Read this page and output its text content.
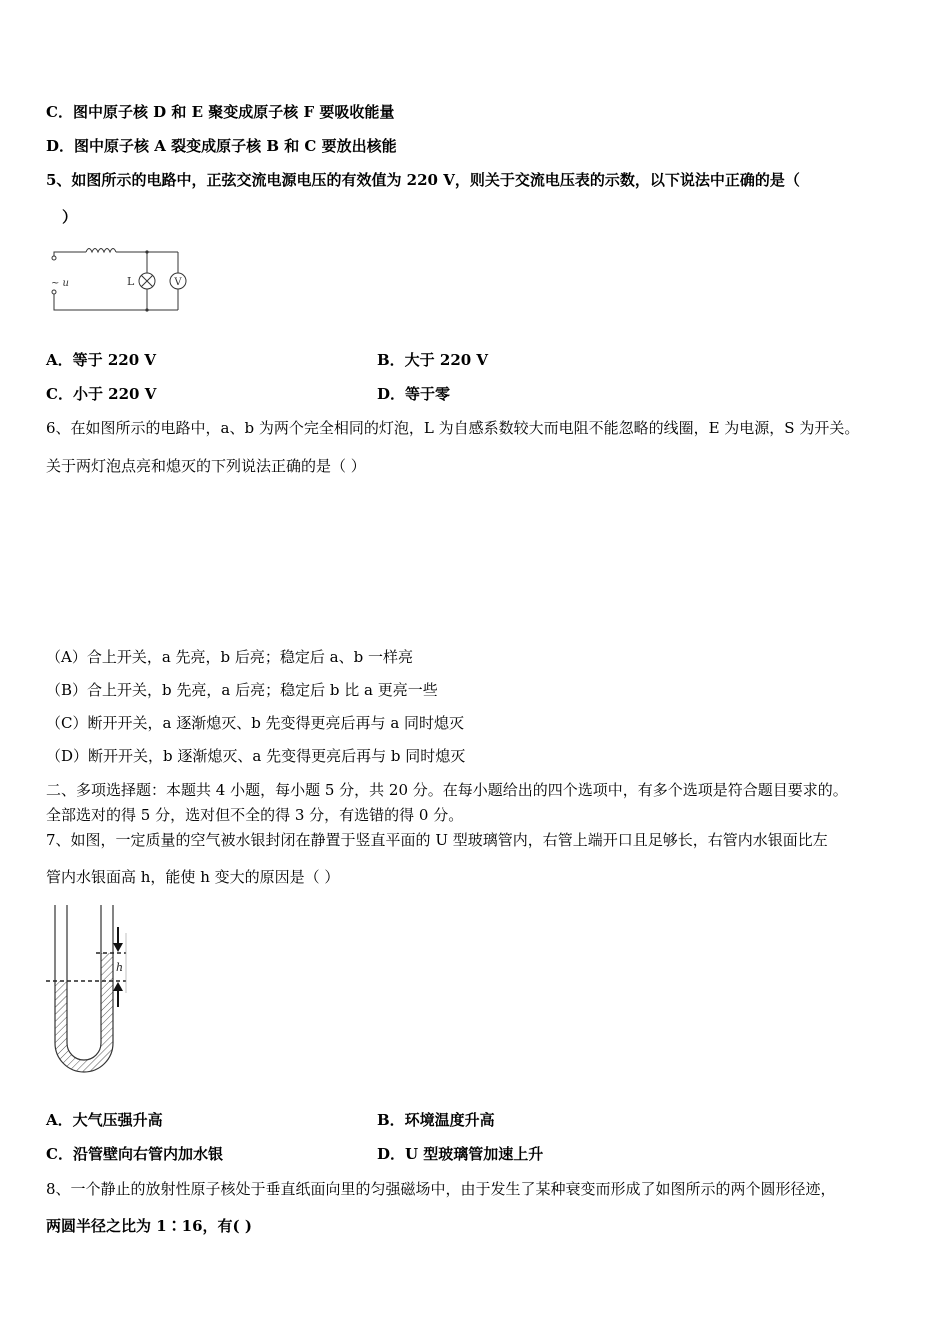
C．图中原子核 D 和 E 聚变成原子核 F 要吸收能量
D．图中原子核 A 裂变成原子核 B 和 C 要放出核能
5、如图所示的电路中，正弦交流电源电压的有效值为 220 V，则关于交流电压表的示数，以下说法中正确的是（
）
V
L
~ u
A．等于 220 V	B．大于 220 V
C．小于 220 V	D．等于零
6、在如图所示的电路中，a、b 为两个完全相同的灯泡，L 为自感系数较大而电阻不能忽略的线圈，E 为电源，S 为开关。
关于两灯泡点亮和熄灭的下列说法正确的是（ ）
（A）合上开关，a 先亮，b 后亮；稳定后 a、b 一样亮
（B）合上开关，b 先亮，a 后亮；稳定后 b 比 a 更亮一些
（C）断开开关，a 逐渐熄灭、b 先变得更亮后再与 a 同时熄灭
（D）断开开关，b 逐渐熄灭、a 先变得更亮后再与 b 同时熄灭
二、多项选择题：本题共 4 小题，每小题 5 分，共 20 分。在每小题给出的四个选项中，有多个选项是符合题目要求的。
全部选对的得 5 分，选对但不全的得 3 分，有选错的得 0 分。
7、如图，一定质量的空气被水银封闭在静置于竖直平面的 U 型玻璃管内，右管上端开口且足够长，右管内水银面比左
管内水银面高 h，能使 h 变大的原因是（ ）
h
A．大气压强升高	B．环境温度升高
C．沿管壁向右管内加水银	D．U 型玻璃管加速上升
8、一个静止的放射性原子核处于垂直纸面向里的匀强磁场中，由于发生了某种衰变而形成了如图所示的两个圆形径迹，
两圆半径之比为 1∶16，有( )
